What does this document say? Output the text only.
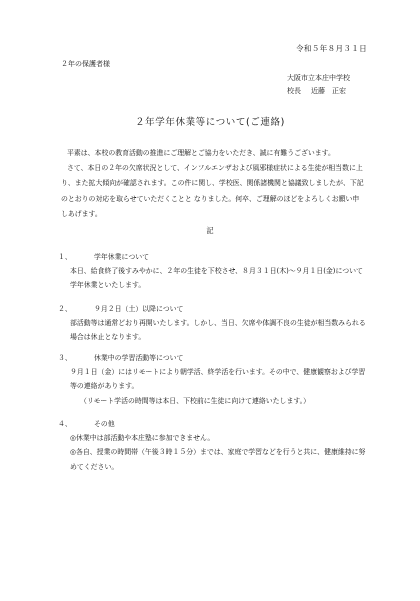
令和５年８月３１日
２年の保護者様
大阪市立本庄中学校
校長 近藤　正宏
２年学年休業等について(ご連絡)

平素は、本校の教育活動の推進にご理解とご協力をいただき、誠に有難うございます。

さて、本日の２年の欠席状況として、インフルエンザおよび風邪様症状による生徒が相当数に上り、また拡大傾向が確認されます。この件に関し、学校医、関係諸機関と協議致しましたが、下記のとおりの対応を取らせていただくことと なりました。何卒、ご理解のほどをよろしくお願い申しあげます。

記
１、	学年休業について
本日、給食終了後すみやかに、２年の生徒を下校させ、８月３１日(木)～９月１日(金)について学年休業といたします。
２、	９月２日（土）以降について
部活動等は通常どおり再開いたします。しかし、当日、欠席や体調不良の生徒が相当数みられる場合は休止となります。
３、	休業中の学習活動等について
９月１日（金）にはリモートにより朝学活、終学活を行います。その中で、健康観察および学習等の連絡があります。
（リモート学活の時間等は本日、下校前に生徒に向けて連絡いたします。）
４、	その他
◎休業中は部活動や本庄塾に参加できません。
◎各自、授業の時間帯（午後３時１５分）までは、家庭で学習などを行うと共に、健康維持に努めてください。
